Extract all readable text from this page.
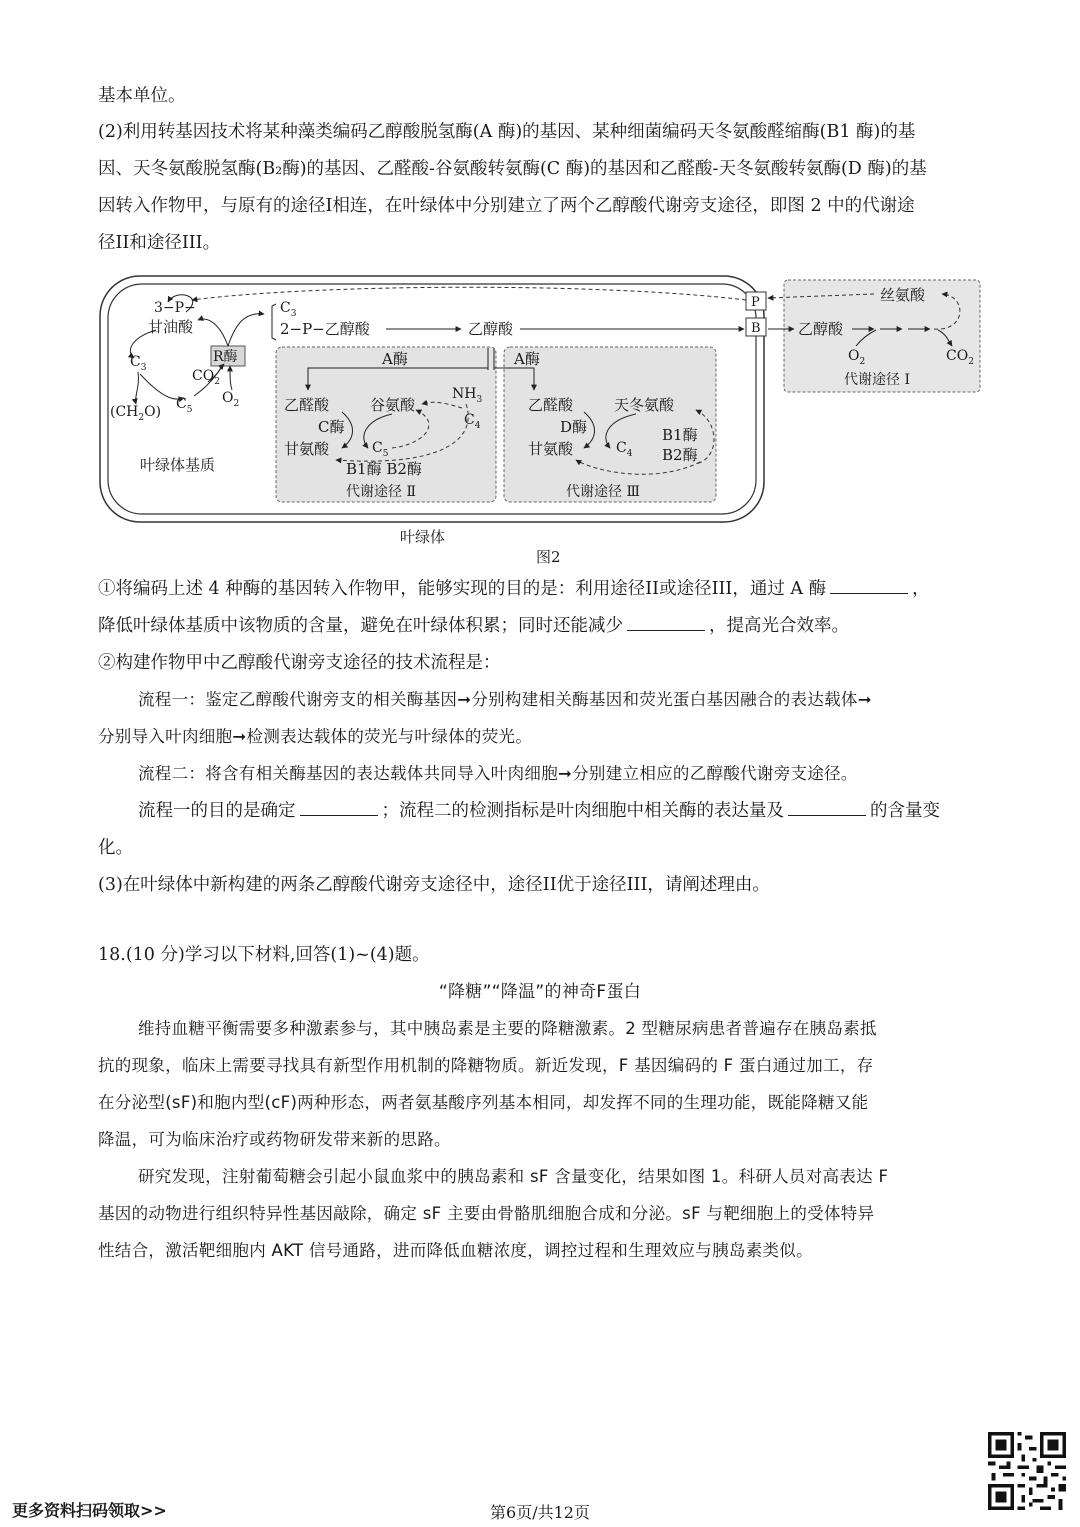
基本单位。
(2)利用转基因技术将某种藻类编码乙醇酸脱氢酶(A 酶)的基因、某种细菌编码天冬氨酸醛缩酶(B1 酶)的基
因、天冬氨酸脱氢酶(B₂酶)的基因、乙醛酸-谷氨酸转氨酶(C 酶)的基因和乙醛酸-天冬氨酸转氨酶(D 酶)的基
因转入作物甲，与原有的途径I相连，在叶绿体中分别建立了两个乙醇酸代谢旁支途径，即图 2 中的代谢途
径II和途径III。
P
B
3−P−
甘油酸
$C_3$
$(CH_2O)$ $C_5$
$CO_2$
$O_2$
R酶
$C_3$
2−P−乙醇酸	乙醇酸
A酶
乙醛酸	谷氨酸
$NH_3$
C酶
甘氨酸	$C_5$
$C_4$
B1酶 B2酶
代谢途径 Ⅱ
A酶
乙醛酸	天冬氨酸
D酶
甘氨酸	$C_4$
B1酶
B2酶
代谢途径 Ⅲ
丝氨酸
乙醇酸
$O_2$	$CO_2$
代谢途径 Ⅰ
叶绿体基质
叶绿体
图2
①将编码上述 4 种酶的基因转入作物甲，能够实现的目的是：利用途径II或途径III，通过 A 酶	，
降低叶绿体基质中该物质的含量，避免在叶绿体积累；同时还能减少	，提高光合效率。
②构建作物甲中乙醇酸代谢旁支途径的技术流程是：
流程一：鉴定乙醇酸代谢旁支的相关酶基因➞分别构建相关酶基因和荧光蛋白基因融合的表达载体➞
分别导入叶肉细胞➞检测表达载体的荧光与叶绿体的荧光。
流程二：将含有相关酶基因的表达载体共同导入叶肉细胞➞分别建立相应的乙醇酸代谢旁支途径。
流程一的目的是确定	；流程二的检测指标是叶肉细胞中相关酶的表达量及	的含量变
化。
(3)在叶绿体中新构建的两条乙醇酸代谢旁支途径中，途径II优于途径III，请阐述理由。
18.(10 分)学习以下材料,回答(1)~(4)题。
“降糖”“降温”的神奇F蛋白
维持血糖平衡需要多种激素参与，其中胰岛素是主要的降糖激素。2 型糖尿病患者普遍存在胰岛素抵
抗的现象，临床上需要寻找具有新型作用机制的降糖物质。新近发现，F 基因编码的 F 蛋白通过加工，存
在分泌型(sF)和胞内型(cF)两种形态，两者氨基酸序列基本相同，却发挥不同的生理功能，既能降糖又能
降温，可为临床治疗或药物研发带来新的思路。
研究发现，注射葡萄糖会引起小鼠血浆中的胰岛素和 sF 含量变化，结果如图 1。科研人员对高表达 F
基因的动物进行组织特异性基因敲除，确定 sF 主要由骨骼肌细胞合成和分泌。sF 与靶细胞上的受体特异
性结合，激活靶细胞内 AKT 信号通路，进而降低血糖浓度，调控过程和生理效应与胰岛素类似。
更多资料扫码领取>>	第6页/共12页
